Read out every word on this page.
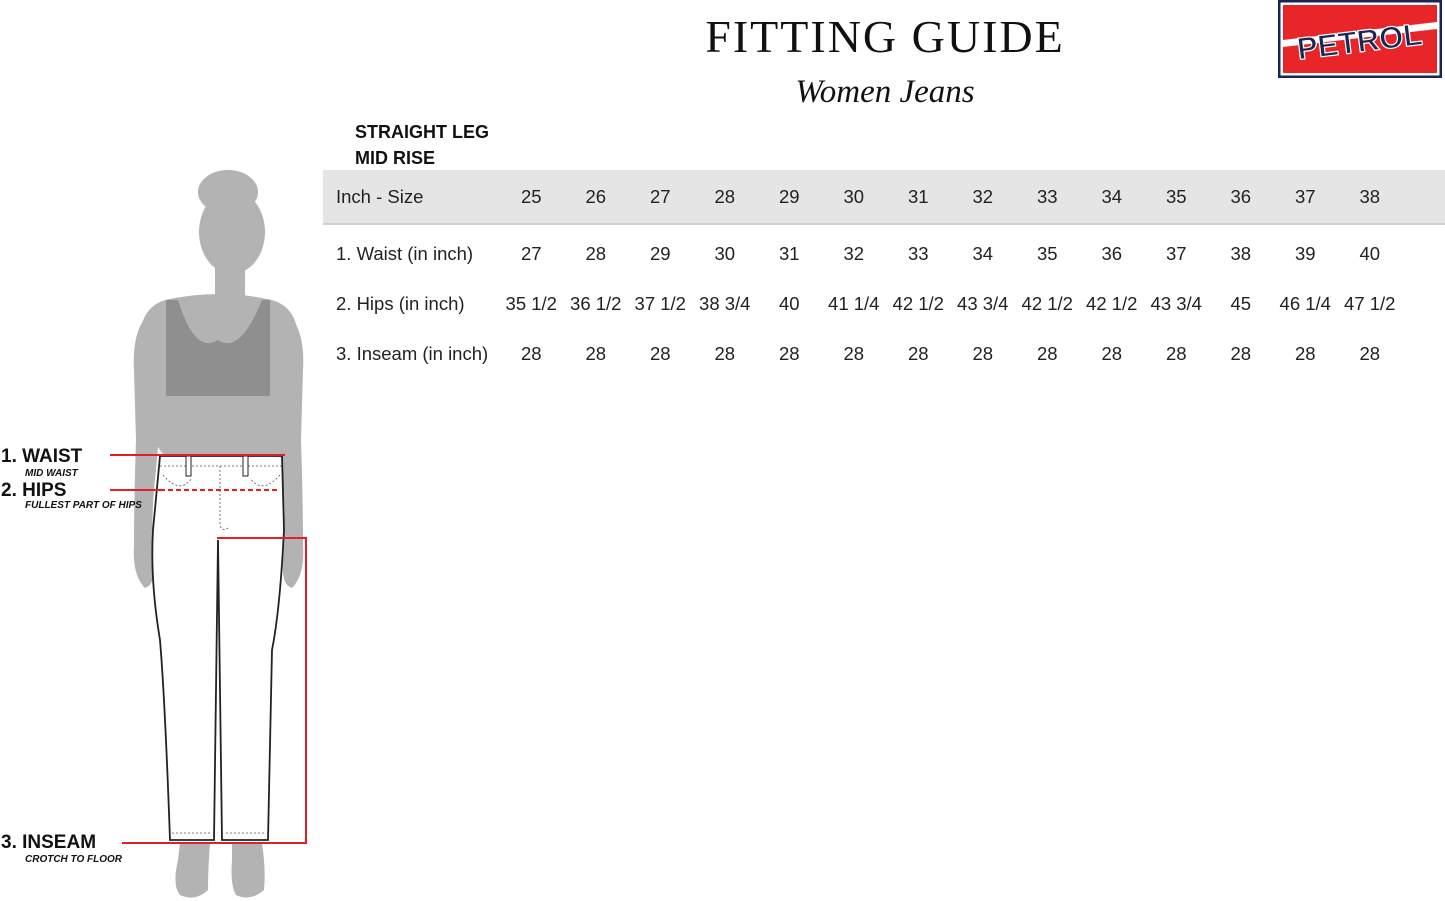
FITTING GUIDE
Women Jeans
PETROL
STRAIGHT LEG
MID RISE
Inch - Size	25	26	27	28	29	30	31	32	33	34	35	36	37	38	
1. Waist (in inch)	27	28	29	30	31	32	33	34	35	36	37	38	39	40	
2. Hips (in inch)	35 1/2	36 1/2	37 1/2	38 3/4	40	41 1/4	42 1/2	43 3/4	42 1/2	42 1/2	43 3/4	45	46 1/4	47 1/2	
3. Inseam (in inch)	28	28	28	28	28	28	28	28	28	28	28	28	28	28	
1. WAIST
MID WAIST
2. HIPS
FULLEST PART OF HIPS
3. INSEAM
CROTCH TO FLOOR
